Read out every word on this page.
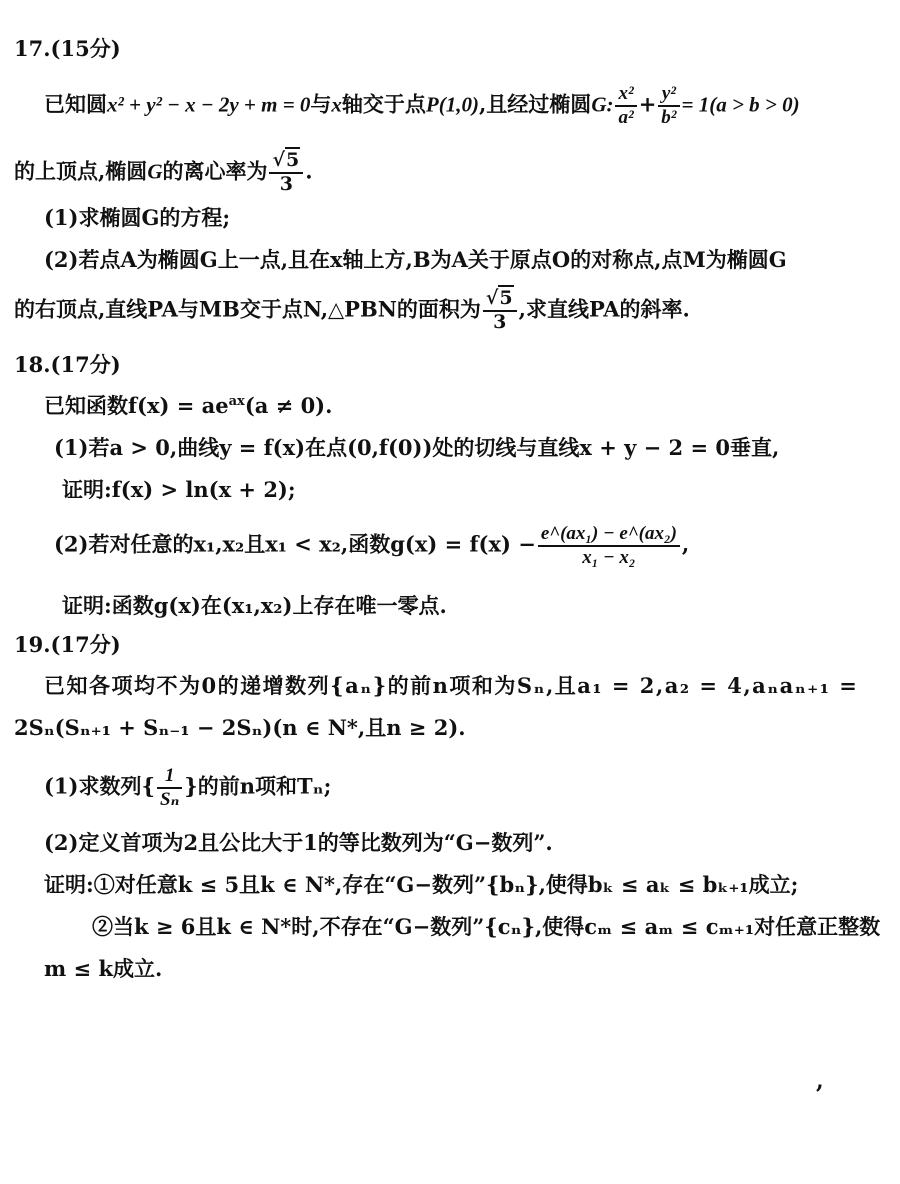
17.(15分)
已知圆x² + y² − x − 2y + m = 0与x轴交于点P(1,0),且经过椭圆G: $\frac{\text{x²}}{\text{a²}} + \frac{\text{y²}}{\text{b²}} = 1(a > b > 0)$
的上顶点,椭圆G的离心率为 $\frac{√5}{3}$ .
(1)求椭圆G的方程;
(2)若点A为椭圆G上一点,且在x轴上方,B为A关于原点O的对称点,点M为椭圆G
的右顶点,直线PA与MB交于点N,△PBN的面积为 $\frac{√5}{3}$ ,求直线PA的斜率.
18.(17分)
已知函数$f(x) = ae^{ax}(a \ne 0)$.
(1)若a > 0,曲线y = f(x)在点(0,f(0))处的切线与直线x + y − 2 = 0垂直,
证明:f(x) > ln(x + 2);
(2)若对任意的x₁,x₂且x₁ < x₂,函数$g(x) = f(x) - \frac{\text{e\textasciicircum{}(ax₁) − e\textasciicircum{}(ax₂)}}{\text{x₁ − x₂}}$ ,
证明:函数g(x)在(x₁,x₂)上存在唯一零点.
19.(17分)
已知各项均不为0的递增数列{aₙ}的前n项和为Sₙ,且a₁ = 2,a₂ = 4,aₙaₙ₊₁ =
2Sₙ(Sₙ₊₁ + Sₙ₋₁ − 2Sₙ)(n ∈ N*,且n ≥ 2).
(1)求数列{ $\frac{1}{\text{Sₙ}}$ }的前n项和Tₙ;
(2)定义首项为2且公比大于1的等比数列为“G−数列”.
证明:①对任意k ≤ 5且k ∈ N*,存在“G−数列”{bₙ},使得bₖ ≤ aₖ ≤ bₖ₊₁成立;
②当k ≥ 6且k ∈ N*时,不存在“G−数列”{cₙ},使得cₘ ≤ aₘ ≤ cₘ₊₁对任意正整数
m ≤ k成立.
,
